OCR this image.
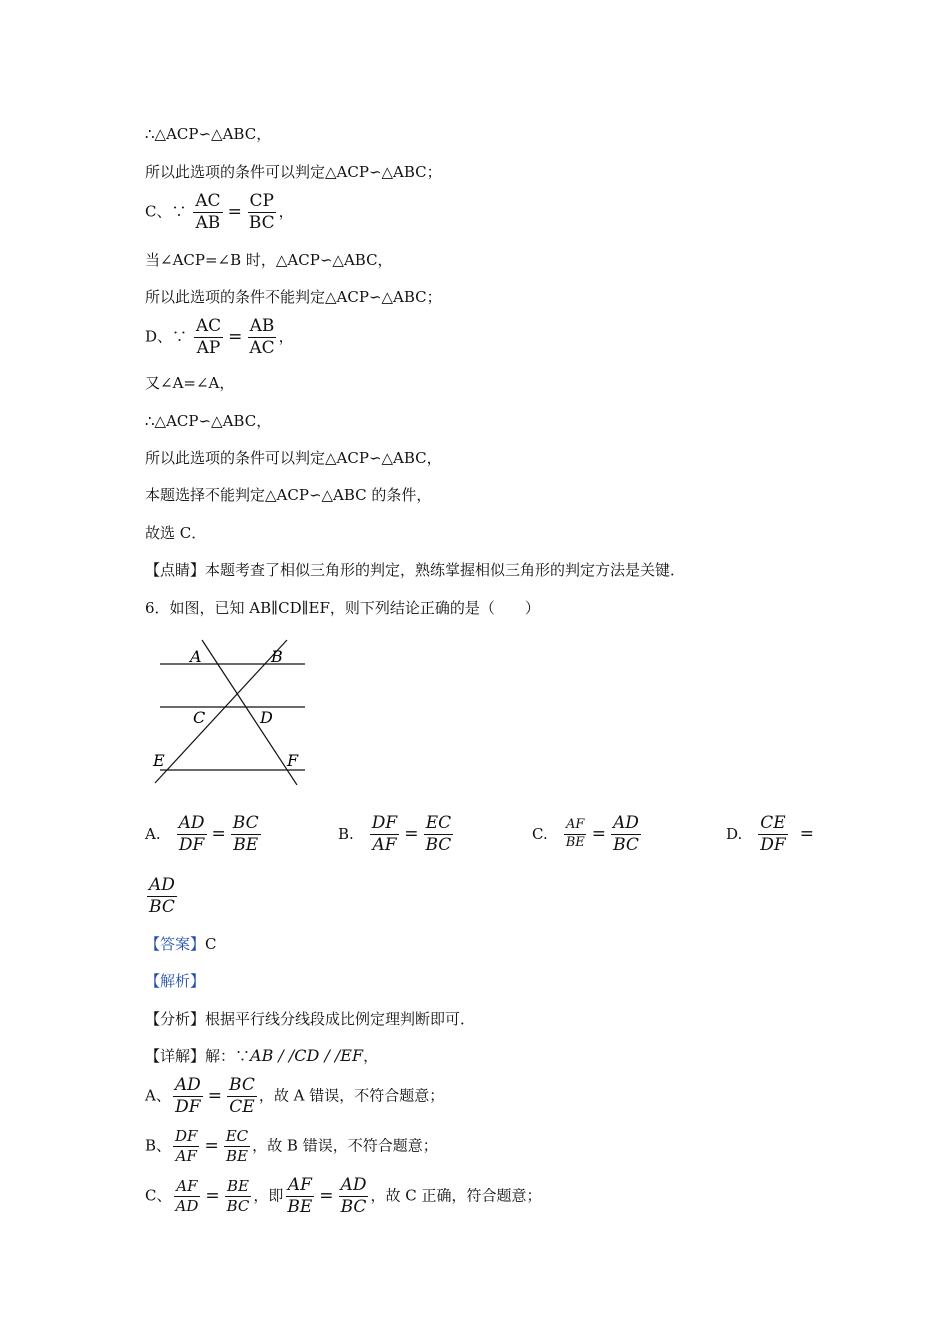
∴△ACP∽△ABC，
所以此选项的条件可以判定△ACP∽△ABC；
C、∵ $\frac{AC}{AB} = \frac{CP}{BC}$ ，
当∠ACP=∠B 时，△ACP∽△ABC，
所以此选项的条件不能判定△ACP∽△ABC；
D、∵ $\frac{AC}{AP} = \frac{AB}{AC}$ ，
又∠A=∠A，
∴△ACP∽△ABC，
所以此选项的条件可以判定△ACP∽△ABC，
本题选择不能判定△ACP∽△ABC 的条件，
故选 C．
【点睛】本题考查了相似三角形的判定，熟练掌握相似三角形的判定方法是关键．
6．如图，已知 AB∥CD∥EF，则下列结论正确的是（　　）
A	B
C	D
E	F
A. $\frac{AD}{DF} = \frac{BC}{BE}$	B. $\frac{DF}{AF} = \frac{EC}{BC}$	C. $\frac{AF}{BE} = \frac{AD}{BC}$	D. $\frac{CE}{DF}$ =
$\frac{AD}{BC}$
【答案】C
【解析】
【分析】根据平行线分线段成比例定理判断即可．
【详解】解：∵AB / /CD / /EF，
A、 $\frac{AD}{DF} = \frac{BC}{CE}$ ，故 A 错误，不符合题意；
B、 $\frac{DF}{AF} = \frac{EC}{BE}$ ，故 B 错误，不符合题意；
C、 $\frac{AF}{AD} = \frac{BE}{BC}$ ，即 $\frac{AF}{BE} = \frac{AD}{BC}$ ，故 C 正确，符合题意；
